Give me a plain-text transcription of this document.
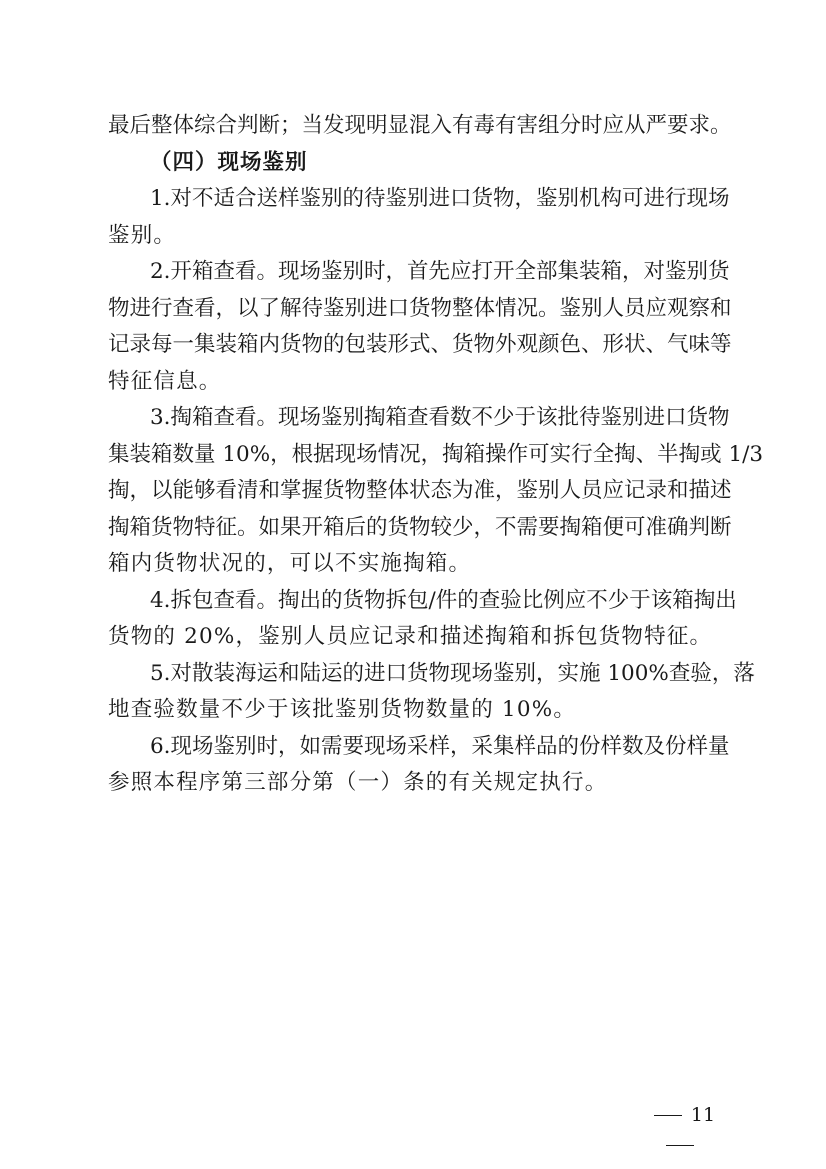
最后整体综合判断；当发现明显混入有毒有害组分时应从严要求。
（四）现场鉴别
1.对不适合送样鉴别的待鉴别进口货物，鉴别机构可进行现场
鉴别。
2.开箱查看。现场鉴别时，首先应打开全部集装箱，对鉴别货
物进行查看，以了解待鉴别进口货物整体情况。鉴别人员应观察和
记录每一集装箱内货物的包装形式、货物外观颜色、形状、气味等
特征信息。
3.掏箱查看。现场鉴别掏箱查看数不少于该批待鉴别进口货物
集装箱数量 10%，根据现场情况，掏箱操作可实行全掏、半掏或 1/3
掏，以能够看清和掌握货物整体状态为准，鉴别人员应记录和描述
掏箱货物特征。如果开箱后的货物较少，不需要掏箱便可准确判断
箱内货物状况的，可以不实施掏箱。
4.拆包查看。掏出的货物拆包/件的查验比例应不少于该箱掏出
货物的 20%，鉴别人员应记录和描述掏箱和拆包货物特征。
5.对散装海运和陆运的进口货物现场鉴别，实施 100%查验，落
地查验数量不少于该批鉴别货物数量的 10%。
6.现场鉴别时，如需要现场采样，采集样品的份样数及份样量
参照本程序第三部分第（一）条的有关规定执行。
11
